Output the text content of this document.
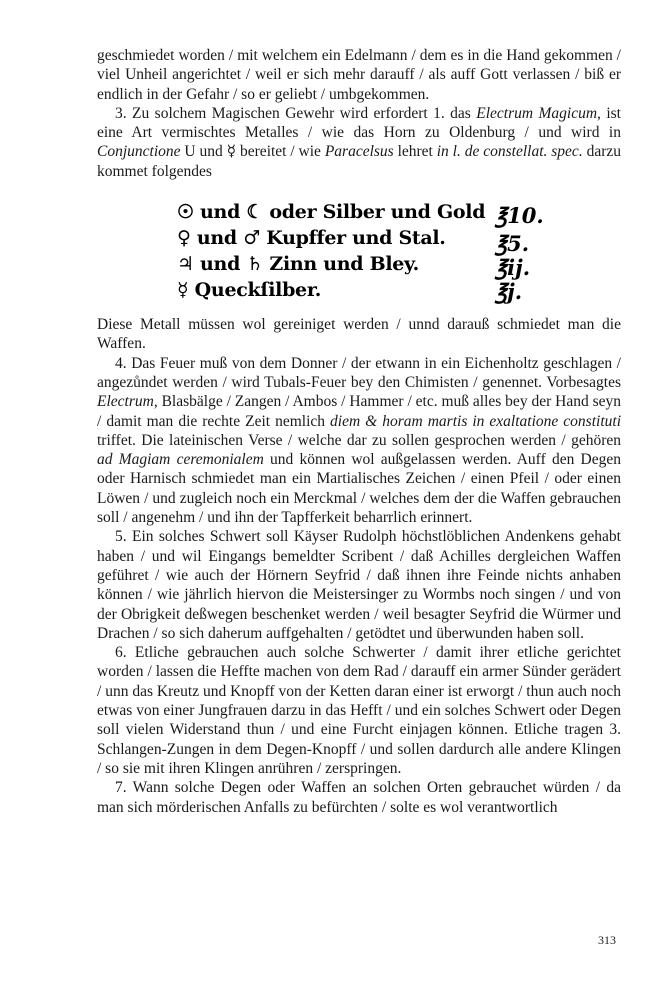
geschmiedet worden / mit welchem ein Edelmann / dem es in die Hand gekommen / viel Unheil angerichtet / weil er sich mehr darauff / als auff Gott verlassen / biß er endlich in der Gefahr / so er geliebt / umbgekommen.

3. Zu solchem Magischen Gewehr wird erfordert 1. das Electrum Magicum, ist eine Art vermischtes Metalles / wie das Horn zu Oldenburg / und wird in Conjunctione U und ☿ bereitet / wie Paracelsus lehret in l. de constellat. spec. darzu kommet folgendes

☉ und ☾ oder Silber und Gold ℥10.
♀ und ♂ Kupffer und Stal.	℥5.
♃ und ♄ Zinn und Bley.	℥ij.
☿ Queckſilber.	℥j.

Diese Metall müssen wol gereiniget werden / unnd darauß schmiedet man die Waffen.

4. Das Feuer muß von dem Donner / der etwann in ein Eichenholtz geschlagen / angezůndet werden / wird Tubals-Feuer bey den Chimisten / genennet. Vorbesagtes Electrum, Blasbälge / Zangen / Ambos / Hammer / etc. muß alles bey der Hand seyn / damit man die rechte Zeit nemlich diem & horam martis in exaltatione constituti triffet. Die lateinischen Verse / welche dar zu sollen gesprochen werden / gehören ad Magiam ceremonialem und können wol außgelassen werden. Auff den Degen oder Harnisch schmiedet man ein Martialisches Zeichen / einen Pfeil / oder einen Löwen / und zugleich noch ein Merckmal / welches dem der die Waffen gebrauchen soll / angenehm / und ihn der Tapfferkeit beharrlich erinnert.

5. Ein solches Schwert soll Käyser Rudolph höchstlöblichen Andenkens gehabt haben / und wil Eingangs bemeldter Scribent / daß Achilles dergleichen Waffen geführet / wie auch der Hörnern Seyfrid / daß ihnen ihre Feinde nichts anhaben können / wie jährlich hiervon die Meistersinger zu Wormbs noch singen / und von der Obrigkeit deßwegen beschenket werden / weil besagter Seyfrid die Würmer und Drachen / so sich daherum auffgehalten / getödtet und überwunden haben soll.

6. Etliche gebrauchen auch solche Schwerter / damit ihrer etliche gerichtet worden / lassen die Heffte machen von dem Rad / darauff ein armer Sünder gerädert / unn das Kreutz und Knopff von der Ketten daran einer ist erworgt / thun auch noch etwas von einer Jungfrauen darzu in das Hefft / und ein solches Schwert oder Degen soll vielen Widerstand thun / und eine Furcht einjagen können. Etliche tragen 3. Schlangen-Zungen in dem Degen-Knopff / und sollen dardurch alle andere Klingen / so sie mit ihren Klingen anrühren / zerspringen.

7. Wann solche Degen oder Waffen an solchen Orten gebrauchet würden / da man sich mörderischen Anfalls zu befürchten / solte es wol verantwortlich

313
